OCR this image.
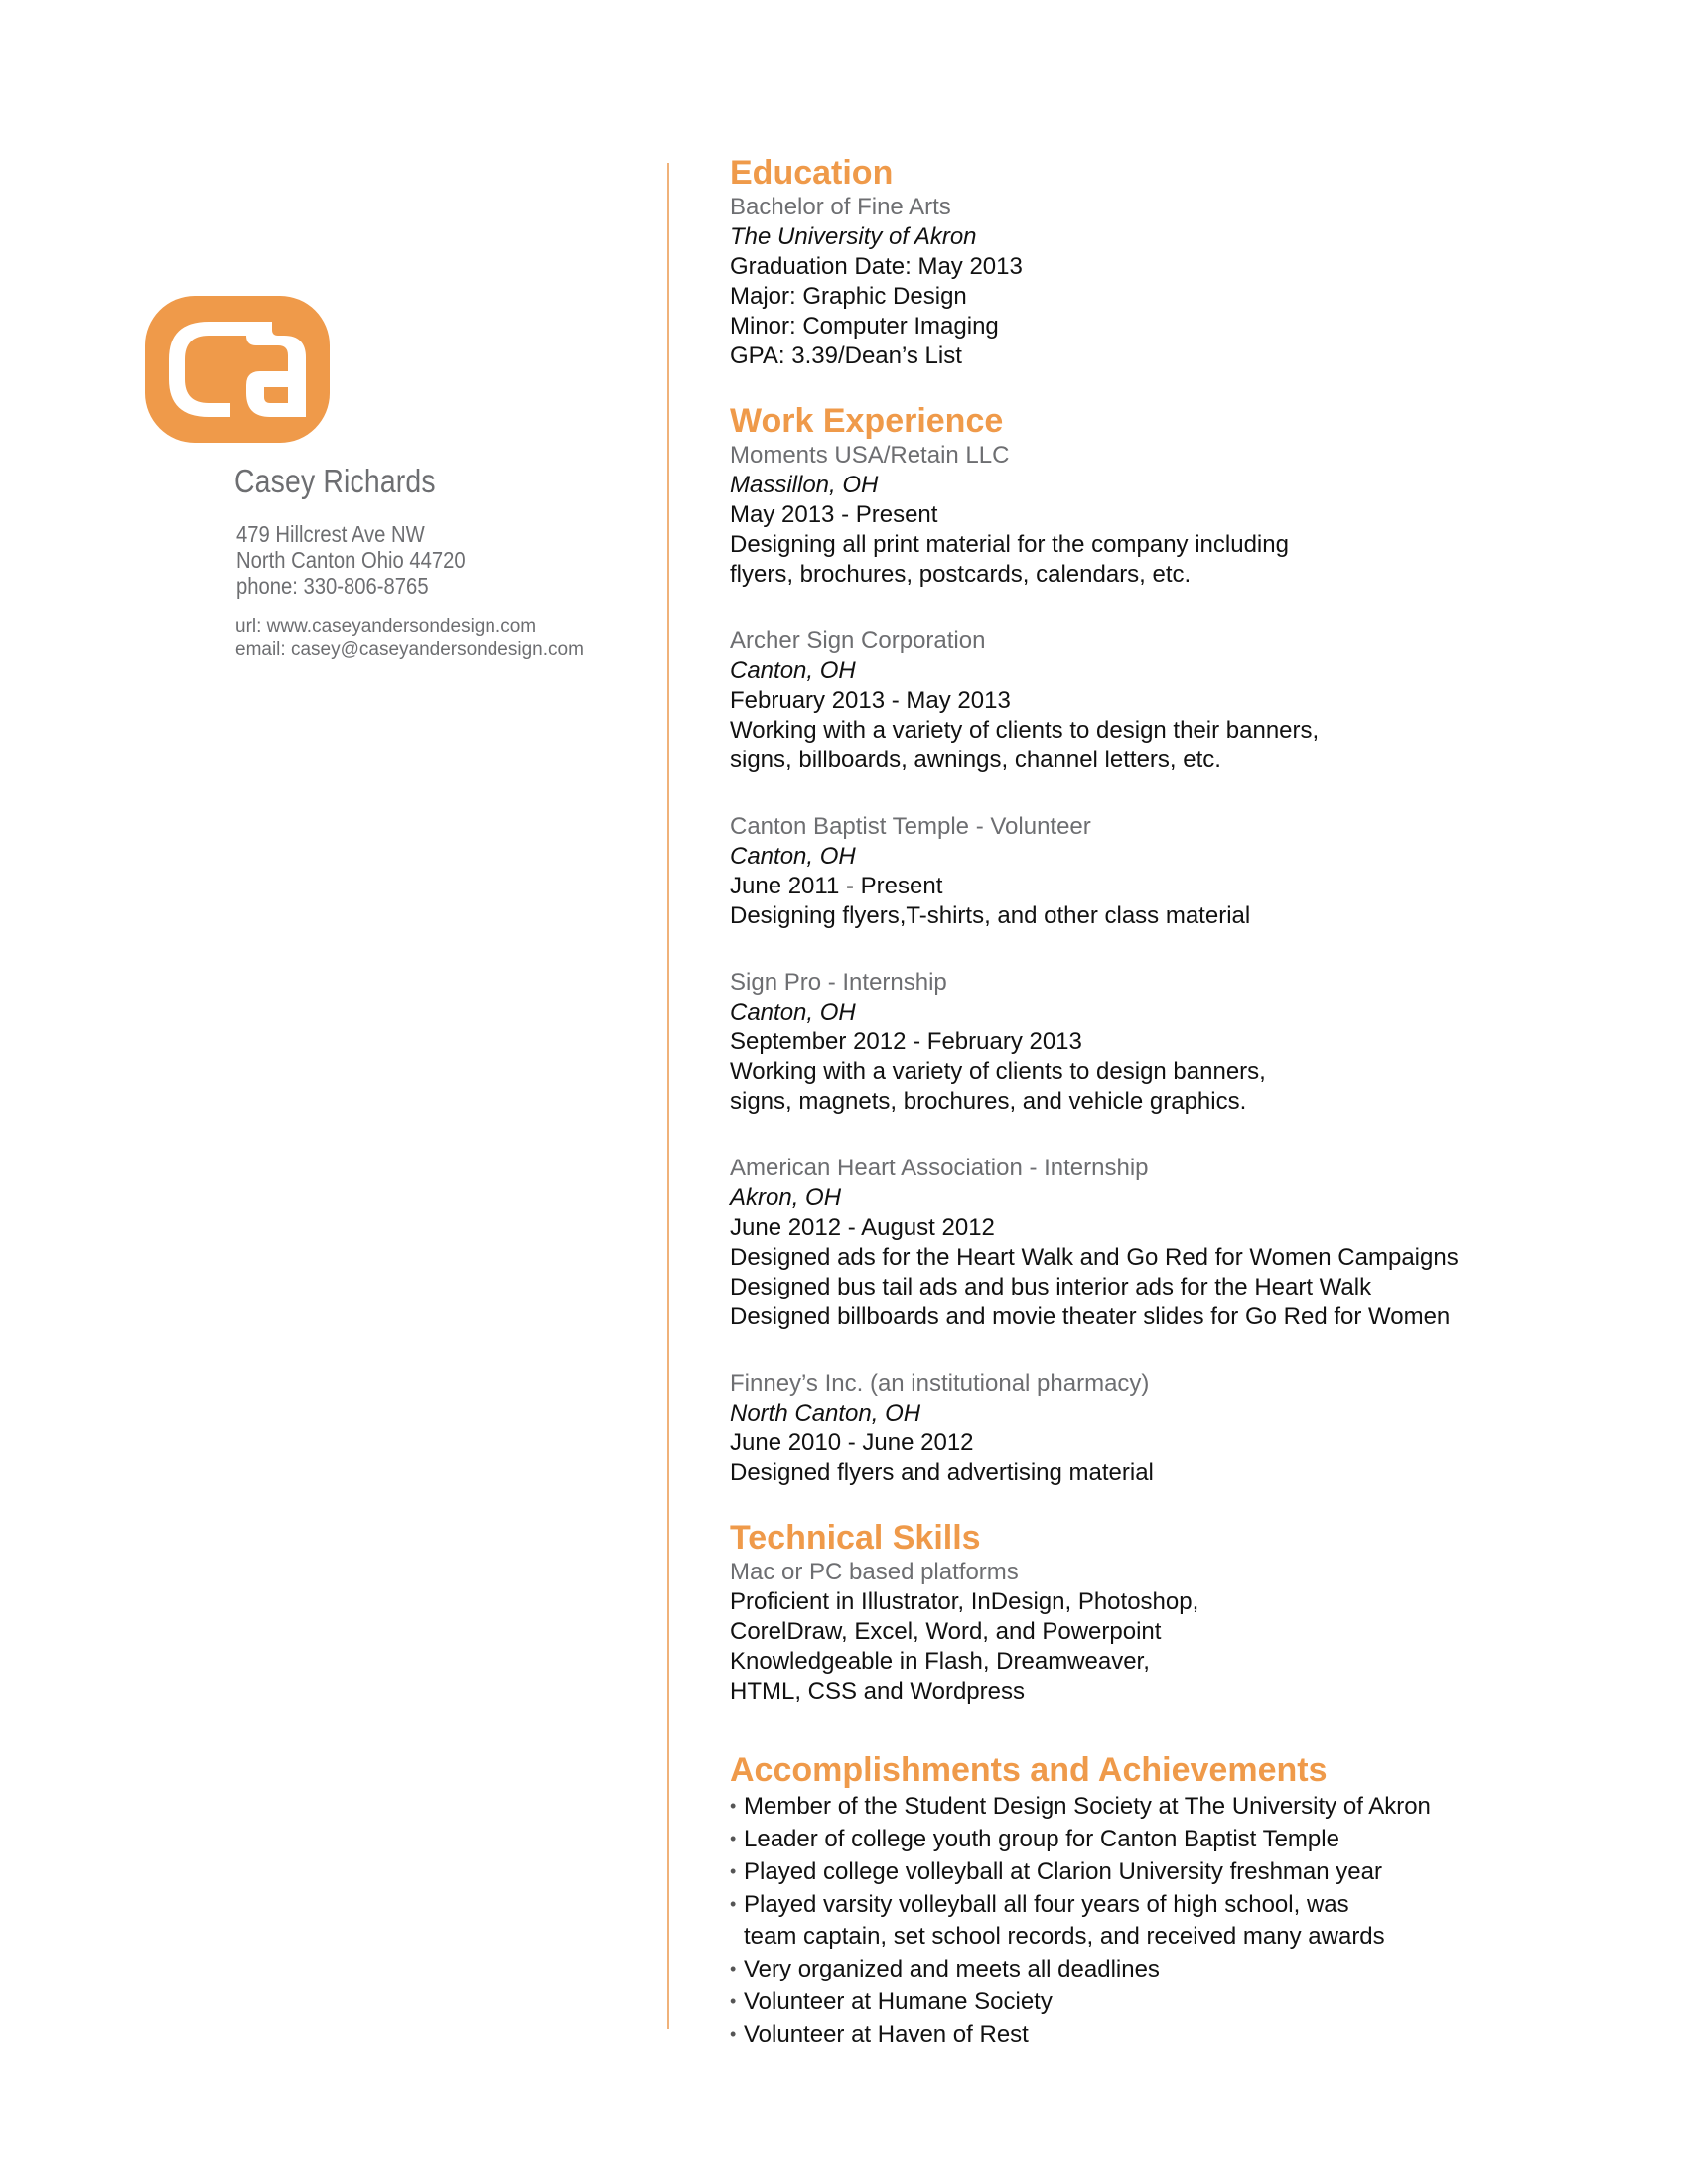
Casey Richards
479 Hillcrest Ave NW
North Canton Ohio 44720
phone: 330-806-8765
url: www.caseyandersondesign.com
email: casey@caseyandersondesign.com
Education
Bachelor of Fine Arts
The University of Akron
Graduation Date: May 2013
Major: Graphic Design
Minor: Computer Imaging
GPA: 3.39/Dean’s List
Work Experience
Moments USA/Retain LLC
Massillon, OH
May 2013 - Present
Designing all print material for the company including
flyers, brochures, postcards, calendars, etc.
Archer Sign Corporation
Canton, OH
February 2013 - May 2013
Working with a variety of clients to design their banners,
signs, billboards, awnings, channel letters, etc.
Canton Baptist Temple - Volunteer
Canton, OH
June 2011 - Present
Designing flyers,T-shirts, and other class material
Sign Pro - Internship
Canton, OH
September 2012 - February 2013
Working with a variety of clients to design banners,
signs, magnets, brochures, and vehicle graphics.
American Heart Association - Internship
Akron, OH
June 2012 - August 2012
Designed ads for the Heart Walk and Go Red for Women Campaigns
Designed bus tail ads and bus interior ads for the Heart Walk
Designed billboards and movie theater slides for Go Red for Women
Finney’s Inc. (an institutional pharmacy)
North Canton, OH
June 2010 - June 2012
Designed flyers and advertising material
Technical Skills
Mac or PC based platforms
Proficient in Illustrator, InDesign, Photoshop,
CorelDraw, Excel, Word, and Powerpoint
Knowledgeable in Flash, Dreamweaver,
HTML, CSS and Wordpress
Accomplishments and Achievements
• Member of the Student Design Society at The University of Akron
• Leader of college youth group for Canton Baptist Temple
• Played college volleyball at Clarion University freshman year
• Played varsity volleyball all four years of high school, was
team captain, set school records, and received many awards
• Very organized and meets all deadlines
• Volunteer at Humane Society
• Volunteer at Haven of Rest
